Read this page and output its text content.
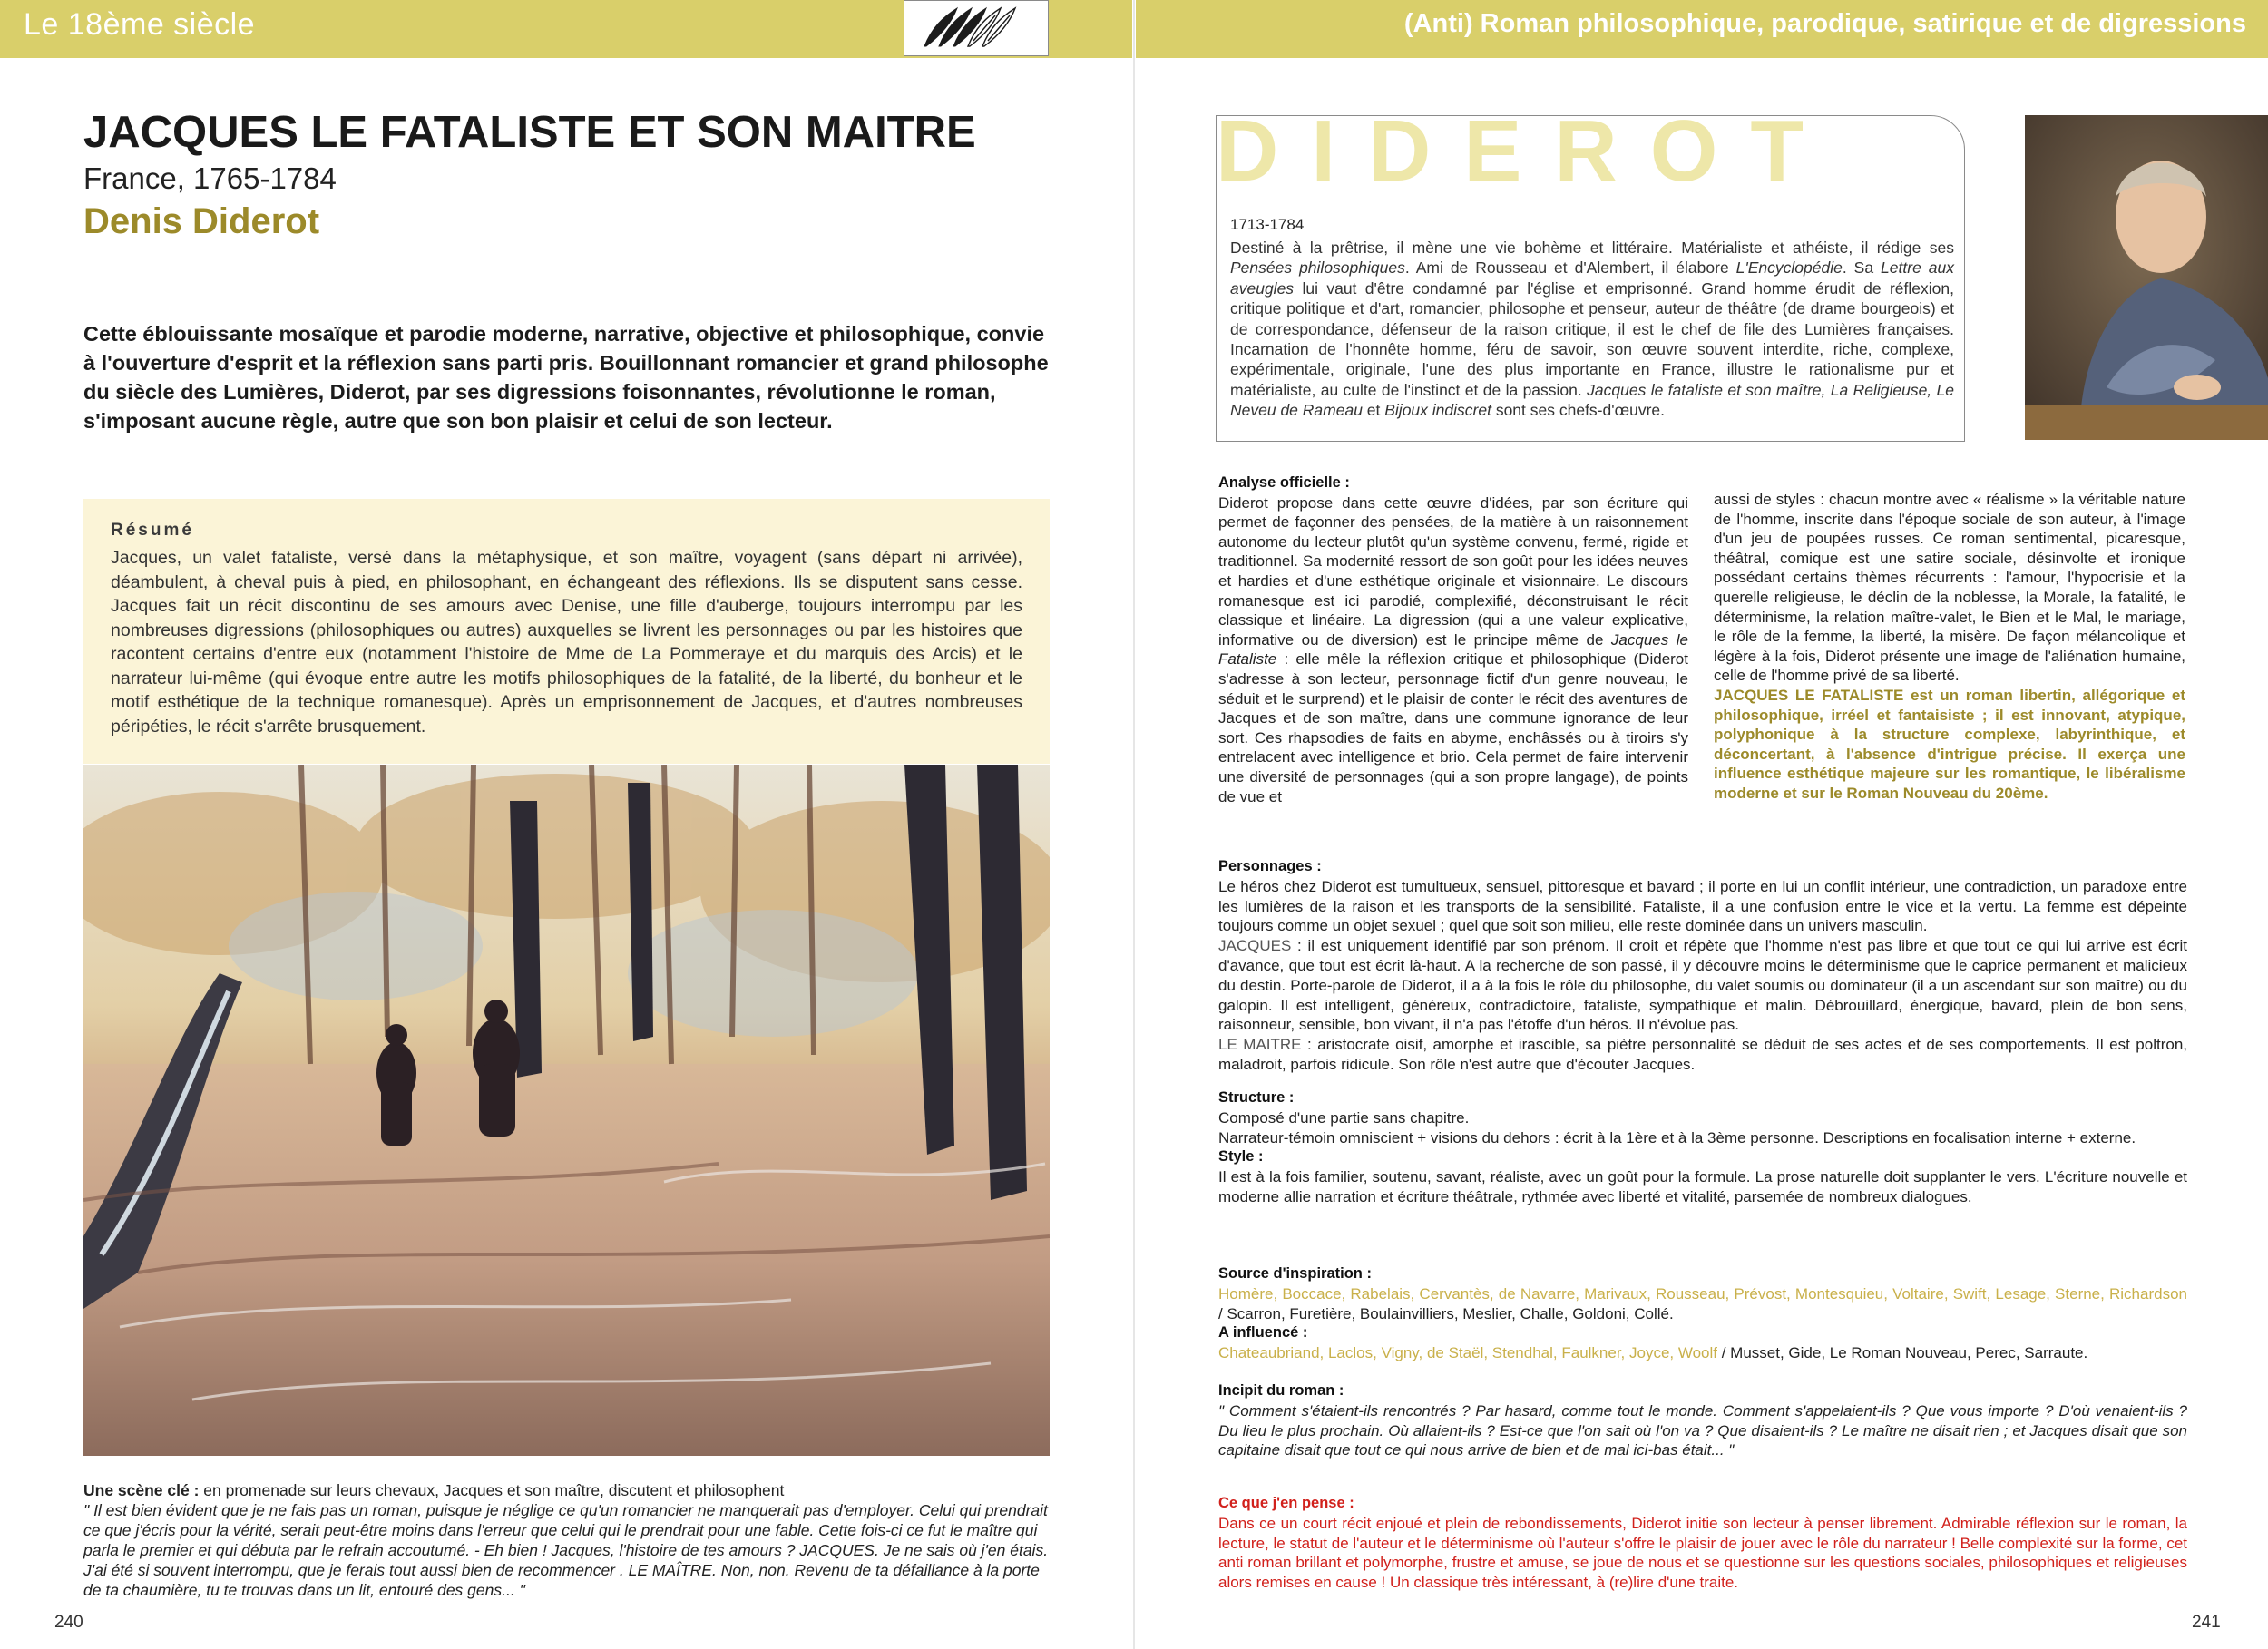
Le 18ème siècle	(Anti) Roman philosophique, parodique, satirique et de digressions
JACQUES LE FATALISTE ET SON MAITRE
France, 1765-1784
Denis Diderot
Cette éblouissante mosaïque et parodie moderne, narrative, objective et philosophique, convie à l'ouverture d'esprit et la réflexion sans parti pris. Bouillonnant romancier et grand philosophe du siècle des Lumières, Diderot, par ses digressions foisonnantes, révolutionne le roman, s'imposant aucune règle, autre que son bon plaisir et celui de son lecteur.
Résumé
Jacques, un valet fataliste, versé dans la métaphysique, et son maître, voyagent (sans départ ni arrivée), déambulent, à cheval puis à pied, en philosophant, en échangeant des réflexions. Ils se disputent sans cesse. Jacques fait un récit discontinu de ses amours avec Denise, une fille d'auberge, toujours interrompu par les nombreuses digressions (philosophiques ou autres) auxquelles se livrent les personnages ou par les histoires que racontent certains d'entre eux (notamment l'histoire de Mme de La Pommeraye et du marquis des Arcis) et le narrateur lui-même (qui évoque entre autre les motifs philosophiques de la fatalité, de la liberté, du bonheur et le motif esthétique de la technique romanesque). Après un emprisonnement de Jacques, et d'autres nombreuses péripéties, le récit s'arrête brusquement.
Une scène clé : en promenade sur leurs chevaux, Jacques et son maître, discutent et philosophent
" Il est bien évident que je ne fais pas un roman, puisque je néglige ce qu'un romancier ne manquerait pas d'employer. Celui qui prendrait ce que j'écris pour la vérité, serait peut-être moins dans l'erreur que celui qui le prendrait pour une fable. Cette fois-ci ce fut le maître qui parla le premier et qui débuta par le refrain accoutumé. - Eh bien ! Jacques, l'histoire de tes amours ? JACQUES. Je ne sais où j'en étais. J'ai été si souvent interrompu, que je ferais tout aussi bien de recommencer . LE MAÎTRE. Non, non. Revenu de ta défaillance à la porte de ta chaumière, tu te trouvas dans un lit, entouré des gens... "
240
DIDEROT
1713-1784
Destiné à la prêtrise, il mène une vie bohème et littéraire. Matérialiste et athéiste, il rédige ses Pensées philosophiques. Ami de Rousseau et d'Alembert, il élabore L'Encyclopédie. Sa Lettre aux aveugles lui vaut d'être condamné par l'église et emprisonné. Grand homme érudit de réflexion, critique politique et d'art, romancier, philosophe et penseur, auteur de théâtre (de drame bourgeois) et de correspondance, défenseur de la raison critique, il est le chef de file des Lumières françaises. Incarnation de l'honnête homme, féru de savoir, son œuvre souvent interdite, riche, complexe, expérimentale, originale, l'une des plus importante en France, illustre le rationalisme pur et matérialiste, au culte de l'instinct et de la passion. Jacques le fataliste et son maître, La Religieuse, Le Neveu de Rameau et Bijoux indiscret sont ses chefs-d'œuvre.
Analyse officielle :
Diderot propose dans cette œuvre d'idées, par son écriture qui permet de façonner des pensées, de la matière à un raisonnement autonome du lecteur plutôt qu'un système convenu, fermé, rigide et traditionnel. Sa modernité ressort de son goût pour les idées neuves et hardies et d'une esthétique originale et visionnaire. Le discours romanesque est ici parodié, complexifié, déconstruisant le récit classique et linéaire. La digression (qui a une valeur explicative, informative ou de diversion) est le principe même de Jacques le Fataliste : elle mêle la réflexion critique et philosophique (Diderot s'adresse à son lecteur, personnage fictif d'un genre nouveau, le séduit et le surprend) et le plaisir de conter le récit des aventures de Jacques et de son maître, dans une commune ignorance de leur sort. Ces rhapsodies de faits en abyme, enchâssés ou à tiroirs s'y entrelacent avec intelligence et brio. Cela permet de faire intervenir une diversité de personnages (qui a son propre langage), de points de vue et
aussi de styles : chacun montre avec « réalisme » la véritable nature de l'homme, inscrite dans l'époque sociale de son auteur, à l'image d'un jeu de poupées russes. Ce roman sentimental, picaresque, théâtral, comique est une satire sociale, désinvolte et ironique possédant certains thèmes récurrents : l'amour, l'hypocrisie et la querelle religieuse, le déclin de la noblesse, la Morale, la fatalité, le déterminisme, la relation maître-valet, le Bien et le Mal, le mariage, le rôle de la femme, la liberté, la misère. De façon mélancolique et légère à la fois, Diderot présente une image de l'aliénation humaine, celle de l'homme privé de sa liberté.
JACQUES LE FATALISTE est un roman libertin, allégorique et philosophique, irréel et fantaisiste ; il est innovant, atypique, polyphonique à la structure complexe, labyrinthique, et déconcertant, à l'absence d'intrigue précise. Il exerça une influence esthétique majeure sur les romantique, le libéralisme moderne et sur le Roman Nouveau du 20ème.
Personnages :
Le héros chez Diderot est tumultueux, sensuel, pittoresque et bavard ; il porte en lui un conflit intérieur, une contradiction, un paradoxe entre les lumières de la raison et les transports de la sensibilité. Fataliste, il a une confusion entre le vice et la vertu. La femme est dépeinte toujours comme un objet sexuel ; quel que soit son milieu, elle reste dominée dans un univers masculin.
JACQUES : il est uniquement identifié par son prénom. Il croit et répète que l'homme n'est pas libre et que tout ce qui lui arrive est écrit d'avance, que tout est écrit là-haut. A la recherche de son passé, il y découvre moins le déterminisme que le caprice permanent et malicieux du destin. Porte-parole de Diderot, il a à la fois le rôle du philosophe, du valet soumis ou dominateur (il a un ascendant sur son maître) ou du galopin. Il est intelligent, généreux, contradictoire, fataliste, sympathique et malin. Débrouillard, énergique, bavard, plein de bon sens, raisonneur, sensible, bon vivant, il n'a pas l'étoffe d'un héros. Il n'évolue pas.
LE MAITRE : aristocrate oisif, amorphe et irascible, sa piètre personnalité se déduit de ses actes et de ses comportements. Il est poltron, maladroit, parfois ridicule. Son rôle n'est autre que d'écouter Jacques.
Structure :
Composé d'une partie sans chapitre.
Narrateur-témoin omniscient + visions du dehors : écrit à la 1ère et à la 3ème personne. Descriptions en focalisation interne + externe.
Style :
Il est à la fois familier, soutenu, savant, réaliste, avec un goût pour la formule. La prose naturelle doit supplanter le vers. L'écriture nouvelle et moderne allie narration et écriture théâtrale, rythmée avec liberté et vitalité, parsemée de nombreux dialogues.
Source d'inspiration :
Homère, Boccace, Rabelais, Cervantès, de Navarre, Marivaux, Rousseau, Prévost, Montesquieu, Voltaire, Swift, Lesage, Sterne, Richardson / Scarron, Furetière, Boulainvilliers, Meslier, Challe, Goldoni, Collé.
A influencé :
Chateaubriand, Laclos, Vigny, de Staël, Stendhal, Faulkner, Joyce, Woolf / Musset, Gide, Le Roman Nouveau, Perec, Sarraute.
Incipit du roman :
" Comment s'étaient-ils rencontrés ? Par hasard, comme tout le monde. Comment s'appelaient-ils ? Que vous importe ? D'où venaient-ils ? Du lieu le plus prochain. Où allaient-ils ? Est-ce que l'on sait où l'on va ? Que disaient-ils ? Le maître ne disait rien ; et Jacques disait que son capitaine disait que tout ce qui nous arrive de bien et de mal ici-bas était... "
Ce que j'en pense :
Dans ce un court récit enjoué et plein de rebondissements, Diderot initie son lecteur à penser librement. Admirable réflexion sur le roman, la lecture, le statut de l'auteur et le déterminisme où l'auteur s'offre le plaisir de jouer avec le rôle du narrateur ! Belle complexité sur la forme, cet anti roman brillant et polymorphe, frustre et amuse, se joue de nous et se questionne sur les questions sociales, philosophiques et religieuses alors remises en cause ! Un classique très intéressant, à (re)lire d'une traite.
241
